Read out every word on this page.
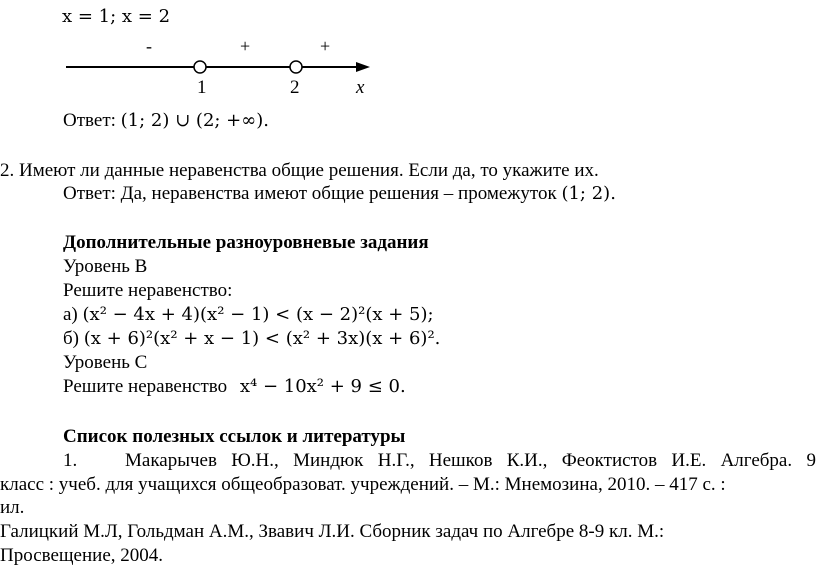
x = 1; x = 2
-	+	+
1	2	x
Ответ: (1; 2) ∪ (2; +∞).
2. Имеют ли данные неравенства общие решения. Если да, то укажите их.
Ответ: Да, неравенства имеют общие решения – промежуток (1; 2).
Дополнительные разноуровневые задания
Уровень В
Решите неравенство:
а) (x² − 4x + 4)(x² − 1) < (x − 2)²(x + 5);
б) (x + 6)²(x² + x − 1) < (x² + 3x)(x + 6)².
Уровень С
Решите неравенство x⁴ − 10x² + 9 ≤ 0.
Список полезных ссылок и литературы
1.	Макарычев Ю.Н., Миндюк Н.Г., Нешков К.И., Феоктистов И.Е. Алгебра. 9
класс : учеб. для учащихся общеобразоват. учреждений. – М.: Мнемозина, 2010. – 417 с. :
ил.
Галицкий М.Л, Гольдман А.М., Звавич Л.И. Сборник задач по Алгебре 8-9 кл. М.:
Просвещение, 2004.
